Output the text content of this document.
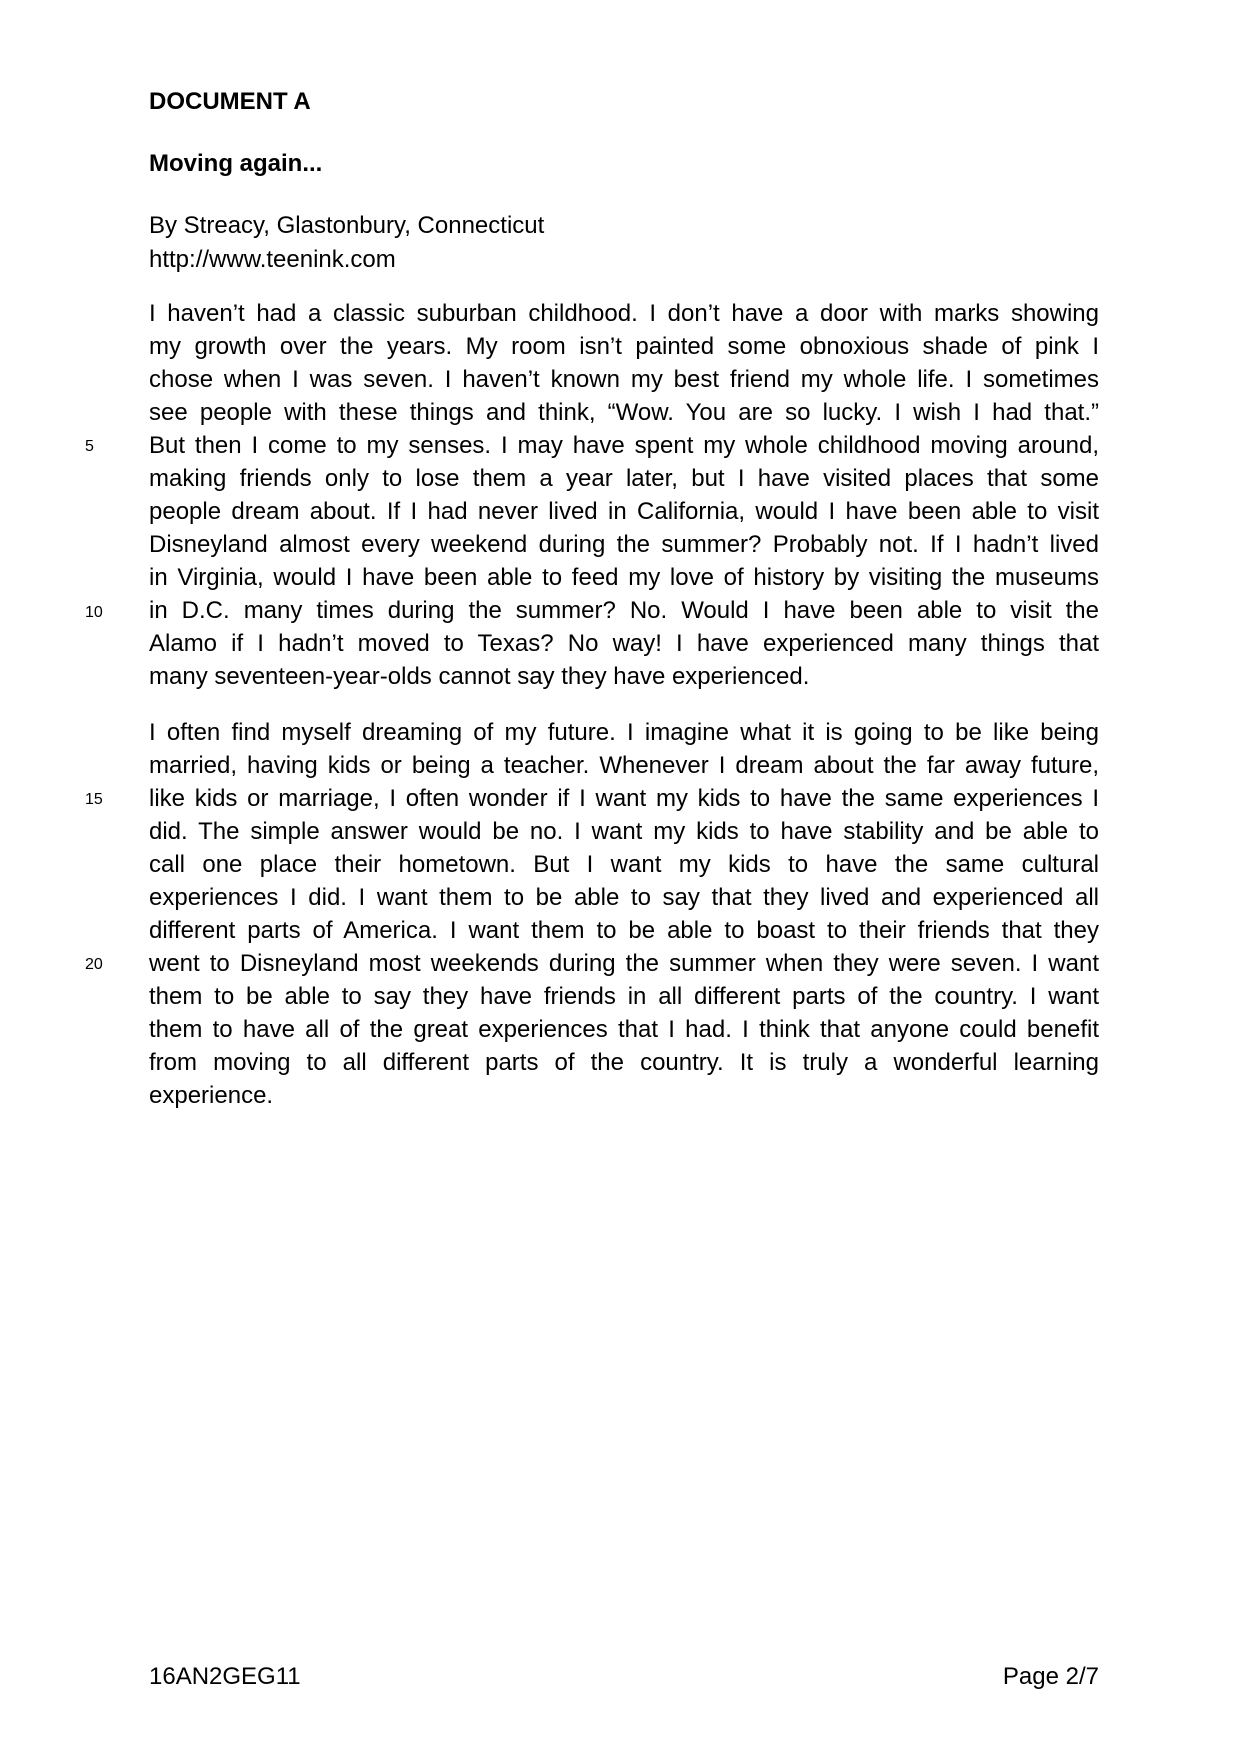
DOCUMENT A
Moving again...

By Streacy, Glastonbury, Connecticut

http://www.teenink.com

I haven’t had a classic suburban childhood. I don’t have a door with marks showing
my growth over the years. My room isn’t painted some obnoxious shade of pink I
chose when I was seven. I haven’t known my best friend my whole life. I sometimes
see people with these things and think, “Wow. You are so lucky. I wish I had that.”
But then I come to my senses. I may have spent my whole childhood moving around,
making friends only to lose them a year later, but I have visited places that some
people dream about. If I had never lived in California, would I have been able to visit
Disneyland almost every weekend during the summer? Probably not. If I hadn’t lived
in Virginia, would I have been able to feed my love of history by visiting the museums
in D.C. many times during the summer? No. Would I have been able to visit the
Alamo if I hadn’t moved to Texas? No way! I have experienced many things that
many seventeen-year-olds cannot say they have experienced.
I often find myself dreaming of my future. I imagine what it is going to be like being
married, having kids or being a teacher. Whenever I dream about the far away future,
like kids or marriage, I often wonder if I want my kids to have the same experiences I
did. The simple answer would be no. I want my kids to have stability and be able to
call one place their hometown. But I want my kids to have the same cultural
experiences I did. I want them to be able to say that they lived and experienced all
different parts of America. I want them to be able to boast to their friends that they
went to Disneyland most weekends during the summer when they were seven. I want
them to be able to say they have friends in all different parts of the country. I want
them to have all of the great experiences that I had. I think that anyone could benefit
from moving to all different parts of the country. It is truly a wonderful learning
experience.
5
10
15
20
16AN2GEG11	Page 2/7
